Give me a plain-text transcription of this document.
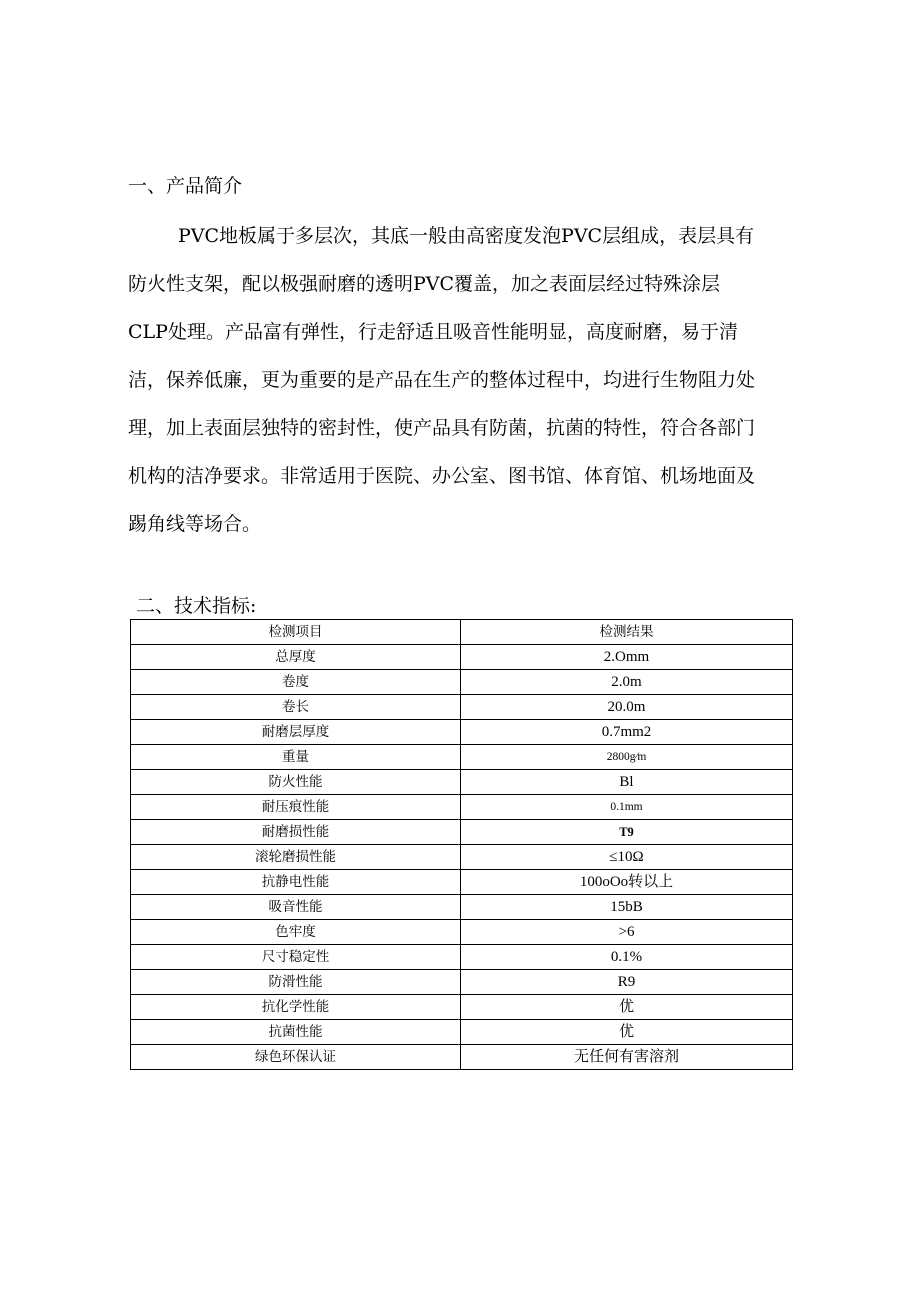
一、产品简介
PVC地板属于多层次，其底一般由高密度发泡PVC层组成，表层具有
防火性支架，配以极强耐磨的透明PVC覆盖，加之表面层经过特殊涂层
CLP处理。产品富有弹性，行走舒适且吸音性能明显，高度耐磨，易于清
洁，保养低廉，更为重要的是产品在生产的整体过程中，均进行生物阻力处
理，加上表面层独特的密封性，使产品具有防菌，抗菌的特性，符合各部门
机构的洁净要求。非常适用于医院、办公室、图书馆、体育馆、机场地面及
踢角线等场合。
二、技术指标:
检测项目	检测结果
总厚度	2.Omm
卷度	2.0m
卷长	20.0m
耐磨层厚度	0.7mm2
重量	2800g∕m
防火性能	Bl
耐压痕性能	0.1mm
耐磨损性能	T9
滚轮磨损性能	≤10Ω
抗静电性能	100oOo转以上
吸音性能	15bB
色牢度	>6
尺寸稳定性	0.1%
防滑性能	R9
抗化学性能	优
抗菌性能	优
绿色环保认证	无任何有害溶剂
